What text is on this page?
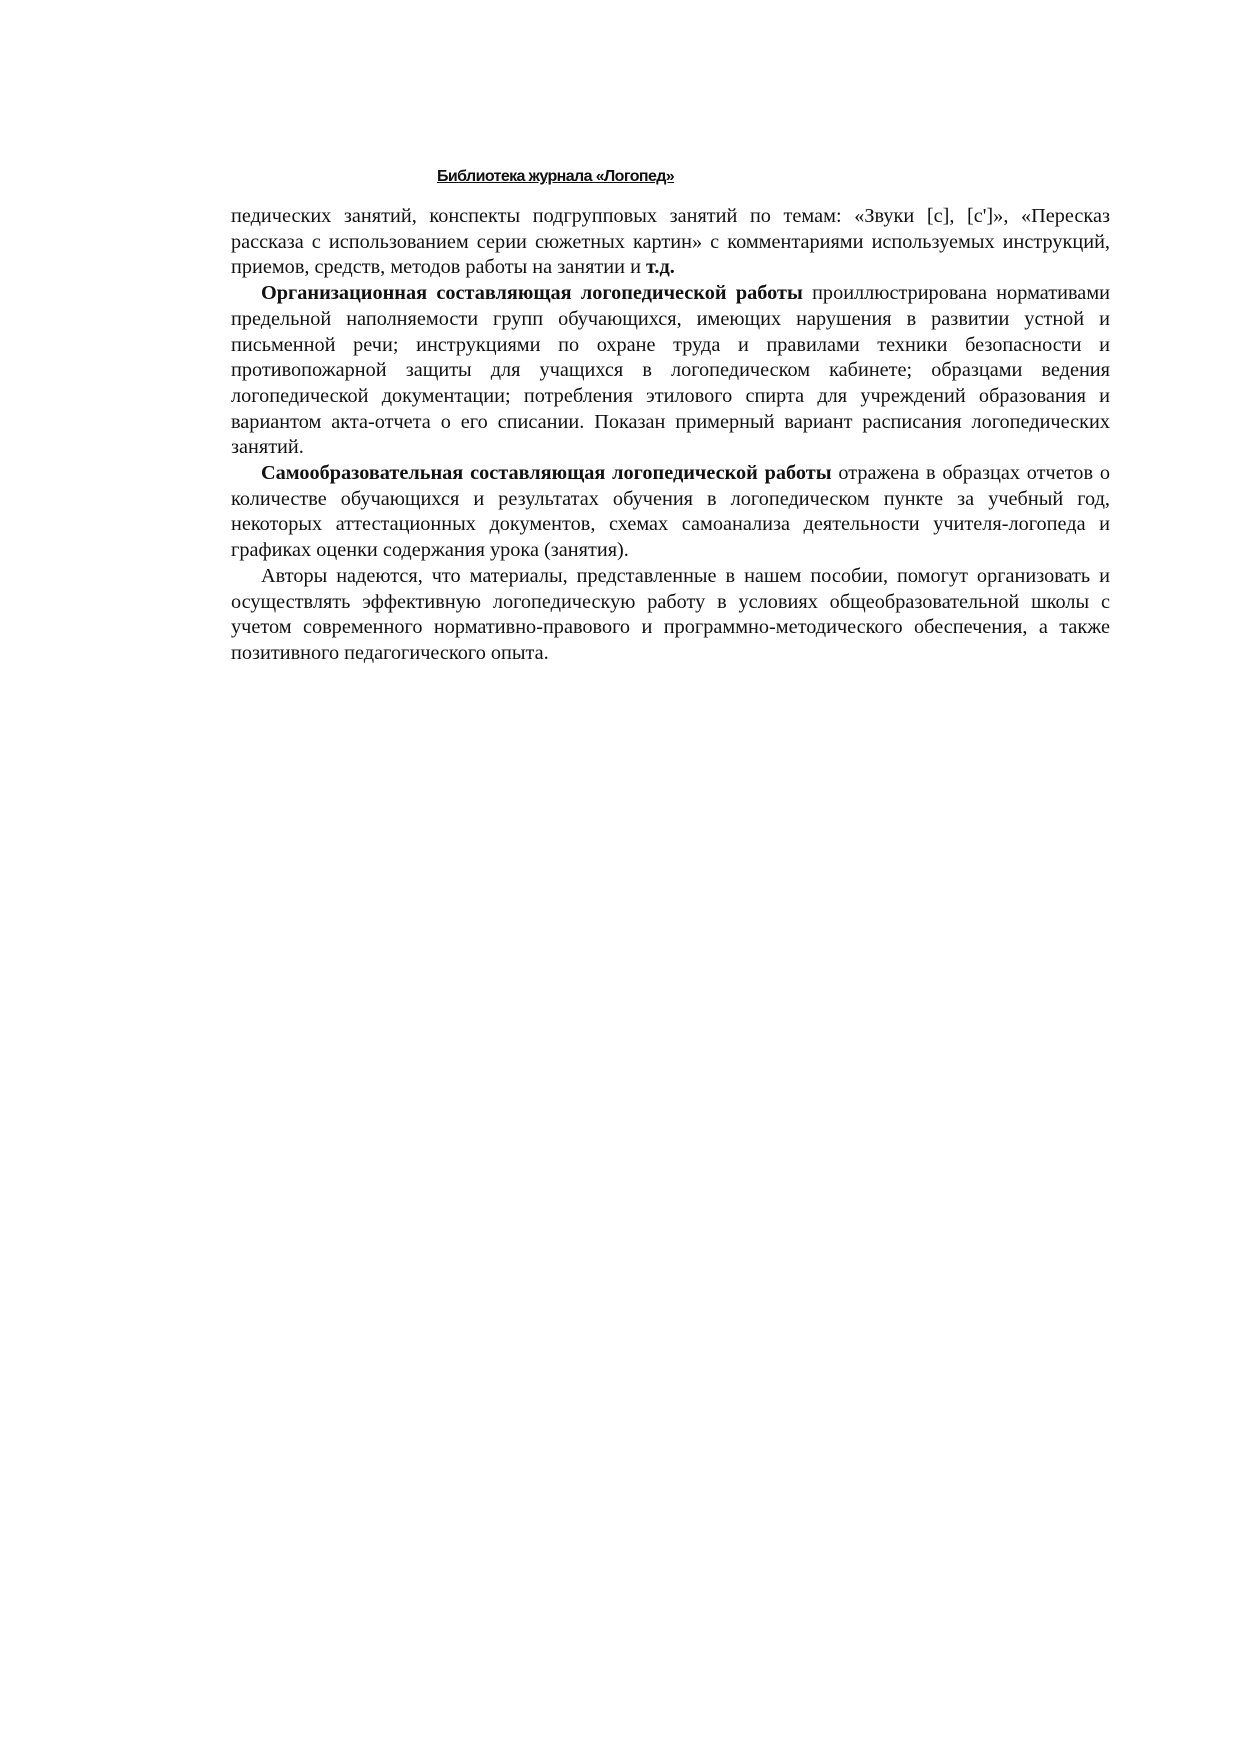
Библиотека журнала «Логопед»

педических занятий, конспекты подгрупповых занятий по темам: «Звуки [с], [с']», «Пересказ рассказа с использованием серии сюжетных картин» с комментариями используемых инструкций, приемов, средств, методов работы на занятии и т.д.

Организационная составляющая логопедической работы проиллюстрирована нормативами предельной наполняемости групп обучающихся, имеющих нарушения в развитии устной и письменной речи; инструкциями по охране труда и правилами техники безопасности и противопожарной защиты для учащихся в логопедическом кабинете; образцами ведения логопедической документации; потребления этилового спирта для учреждений образования и вариантом акта-отчета о его списании. Показан примерный вариант расписания логопедических занятий.

Самообразовательная составляющая логопедической работы отражена в образцах отчетов о количестве обучающихся и результатах обучения в логопедическом пункте за учебный год, некоторых аттестационных документов, схемах самоанализа деятельности учителя-логопеда и графиках оценки содержания урока (занятия).

Авторы надеются, что материалы, представленные в нашем пособии, помогут организовать и осуществлять эффективную логопедическую работу в условиях общеобразовательной школы с учетом современного нормативно-правового и программно-методического обеспечения, а также позитивного педагогического опыта.
